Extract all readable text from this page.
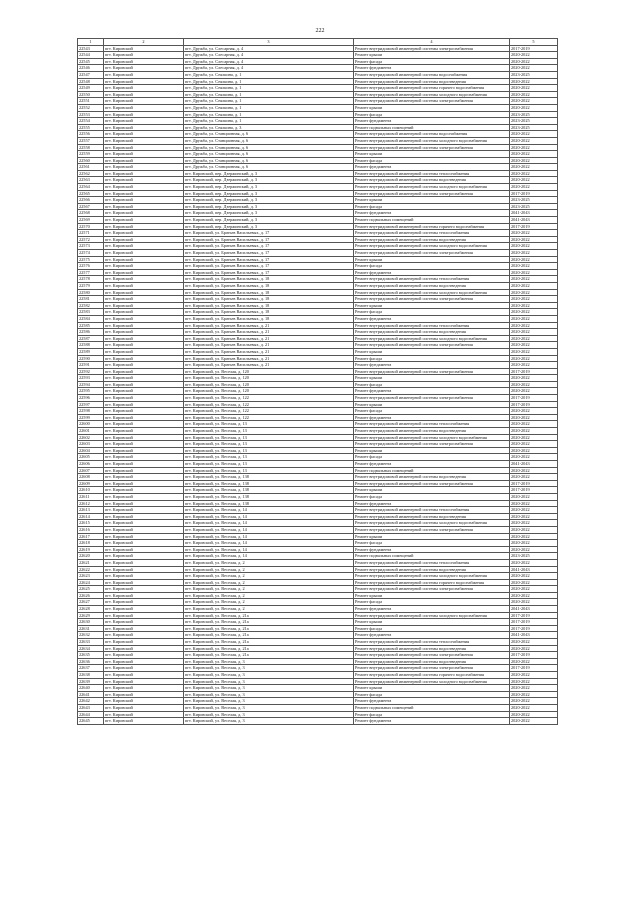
222
1	2	3	4	5
22543	пгт. Кировский	пгт. Дружба, ул. Слесарная, д. 4	Ремонт внутридомовой инженерной системы электроснабжения	2017-2019
22544	пгт. Кировский	пгт. Дружба, ул. Слесарная, д. 4	Ремонт крыши	2020-2022
22545	пгт. Кировский	пгт. Дружба, ул. Слесарная, д. 4	Ремонт фасада	2020-2022
22546	пгт. Кировский	пгт. Дружба, ул. Слесарная, д. 4	Ремонт фундамента	2020-2022
22547	пгт. Кировский	пгт. Дружба, ул. Сеялкина, д. 1	Ремонт внутридомовой инженерной системы водоснабжения	2023-2025
22548	пгт. Кировский	пгт. Дружба, ул. Сеялкина, д. 1	Ремонт внутридомовой инженерной системы водоотведения	2020-2022
22549	пгт. Кировский	пгт. Дружба, ул. Сеялкина, д. 1	Ремонт внутридомовой инженерной системы горячего водоснабжения	2020-2022
22550	пгт. Кировский	пгт. Дружба, ул. Сеялкина, д. 1	Ремонт внутридомовой инженерной системы холодного водоснабжения	2020-2022
22551	пгт. Кировский	пгт. Дружба, ул. Сеялкина, д. 1	Ремонт внутридомовой инженерной системы электроснабжения	2020-2022
22552	пгт. Кировский	пгт. Дружба, ул. Сеялкина, д. 1	Ремонт крыши	2020-2022
22553	пгт. Кировский	пгт. Дружба, ул. Сеялкина, д. 1	Ремонт фасада	2023-2025
22554	пгт. Кировский	пгт. Дружба, ул. Сеялкина, д. 1	Ремонт фундамента	2023-2025
22555	пгт. Кировский	пгт. Дружба, ул. Сеялкина, д. 3	Ремонт подвальных помещений	2023-2025
22556	пгт. Кировский	пгт. Дружба, ул. Станционная, д. 6	Ремонт внутридомовой инженерной системы водоснабжения	2020-2022
22557	пгт. Кировский	пгт. Дружба, ул. Станционная, д. 6	Ремонт внутридомовой инженерной системы холодного водоснабжения	2020-2022
22558	пгт. Кировский	пгт. Дружба, ул. Станционная, д. 6	Ремонт внутридомовой инженерной системы электроснабжения	2020-2022
22559	пгт. Кировский	пгт. Дружба, ул. Станционная, д. 6	Ремонт крыши	2020-2022
22560	пгт. Кировский	пгт. Дружба, ул. Станционная, д. 6	Ремонт фасада	2020-2022
22561	пгт. Кировский	пгт. Дружба, ул. Станционная, д. 6	Ремонт фундамента	2020-2022
22562	пгт. Кировский	пгт. Кировский, пер. Дзержинский, д. 3	Ремонт внутридомовой инженерной системы теплоснабжения	2020-2022
22563	пгт. Кировский	пгт. Кировский, пер. Дзержинский, д. 3	Ремонт внутридомовой инженерной системы водоотведения	2020-2022
22564	пгт. Кировский	пгт. Кировский, пер. Дзержинский, д. 3	Ремонт внутридомовой инженерной системы холодного водоснабжения	2020-2022
22565	пгт. Кировский	пгт. Кировский, пер. Дзержинский, д. 3	Ремонт внутридомовой инженерной системы электроснабжения	2017-2019
22566	пгт. Кировский	пгт. Кировский, пер. Дзержинский, д. 3	Ремонт крыши	2023-2025
22567	пгт. Кировский	пгт. Кировский, пер. Дзержинский, д. 3	Ремонт фасада	2023-2025
22568	пгт. Кировский	пгт. Кировский, пер. Дзержинский, д. 3	Ремонт фундамента	2041-2043
22569	пгт. Кировский	пгт. Кировский, пер. Дзержинский, д. 3	Ремонт подвальных помещений	2041-2043
22570	пгт. Кировский	пгт. Кировский, пер. Дзержинский, д. 3	Ремонт внутридомовой инженерной системы горячего водоснабжения	2017-2019
22571	пгт. Кировский	пгт. Кировский, ул. Братьев Васильевых, д. 17	Ремонт внутридомовой инженерной системы теплоснабжения	2020-2022
22572	пгт. Кировский	пгт. Кировский, ул. Братьев Васильевых, д. 17	Ремонт внутридомовой инженерной системы водоотведения	2020-2022
22573	пгт. Кировский	пгт. Кировский, ул. Братьев Васильевых, д. 17	Ремонт внутридомовой инженерной системы холодного водоснабжения	2020-2022
22574	пгт. Кировский	пгт. Кировский, ул. Братьев Васильевых, д. 17	Ремонт внутридомовой инженерной системы электроснабжения	2020-2022
22575	пгт. Кировский	пгт. Кировский, ул. Братьев Васильевых, д. 17	Ремонт крыши	2020-2022
22576	пгт. Кировский	пгт. Кировский, ул. Братьев Васильевых, д. 17	Ремонт фасада	2020-2022
22577	пгт. Кировский	пгт. Кировский, ул. Братьев Васильевых, д. 17	Ремонт фундамента	2020-2022
22578	пгт. Кировский	пгт. Кировский, ул. Братьев Васильевых, д. 18	Ремонт внутридомовой инженерной системы теплоснабжения	2020-2022
22579	пгт. Кировский	пгт. Кировский, ул. Братьев Васильевых, д. 18	Ремонт внутридомовой инженерной системы водоотведения	2020-2022
22580	пгт. Кировский	пгт. Кировский, ул. Братьев Васильевых, д. 18	Ремонт внутридомовой инженерной системы холодного водоснабжения	2020-2022
22581	пгт. Кировский	пгт. Кировский, ул. Братьев Васильевых, д. 18	Ремонт внутридомовой инженерной системы электроснабжения	2020-2022
22582	пгт. Кировский	пгт. Кировский, ул. Братьев Васильевых, д. 18	Ремонт крыши	2020-2022
22583	пгт. Кировский	пгт. Кировский, ул. Братьев Васильевых, д. 18	Ремонт фасада	2020-2022
22584	пгт. Кировский	пгт. Кировский, ул. Братьев Васильевых, д. 18	Ремонт фундамента	2020-2022
22585	пгт. Кировский	пгт. Кировский, ул. Братьев Васильевых, д. 21	Ремонт внутридомовой инженерной системы теплоснабжения	2020-2022
22586	пгт. Кировский	пгт. Кировский, ул. Братьев Васильевых, д. 21	Ремонт внутридомовой инженерной системы водоотведения	2020-2022
22587	пгт. Кировский	пгт. Кировский, ул. Братьев Васильевых, д. 21	Ремонт внутридомовой инженерной системы холодного водоснабжения	2020-2022
22588	пгт. Кировский	пгт. Кировский, ул. Братьев Васильевых, д. 21	Ремонт внутридомовой инженерной системы электроснабжения	2020-2022
22589	пгт. Кировский	пгт. Кировский, ул. Братьев Васильевых, д. 21	Ремонт крыши	2020-2022
22590	пгт. Кировский	пгт. Кировский, ул. Братьев Васильевых, д. 21	Ремонт фасада	2020-2022
22591	пгт. Кировский	пгт. Кировский, ул. Братьев Васильевых, д. 21	Ремонт фундамента	2020-2022
22592	пгт. Кировский	пгт. Кировский, ул. Веселая, д. 120	Ремонт внутридомовой инженерной системы электроснабжения	2017-2019
22593	пгт. Кировский	пгт. Кировский, ул. Веселая, д. 120	Ремонт крыши	2020-2022
22594	пгт. Кировский	пгт. Кировский, ул. Веселая, д. 120	Ремонт фасада	2020-2022
22595	пгт. Кировский	пгт. Кировский, ул. Веселая, д. 120	Ремонт фундамента	2020-2022
22596	пгт. Кировский	пгт. Кировский, ул. Веселая, д. 122	Ремонт внутридомовой инженерной системы электроснабжения	2017-2019
22597	пгт. Кировский	пгт. Кировский, ул. Веселая, д. 122	Ремонт крыши	2017-2019
22598	пгт. Кировский	пгт. Кировский, ул. Веселая, д. 122	Ремонт фасада	2020-2022
22599	пгт. Кировский	пгт. Кировский, ул. Веселая, д. 122	Ремонт фундамента	2020-2022
22600	пгт. Кировский	пгт. Кировский, ул. Веселая, д. 13	Ремонт внутридомовой инженерной системы теплоснабжения	2020-2022
22601	пгт. Кировский	пгт. Кировский, ул. Веселая, д. 13	Ремонт внутридомовой инженерной системы водоотведения	2020-2022
22602	пгт. Кировский	пгт. Кировский, ул. Веселая, д. 13	Ремонт внутридомовой инженерной системы холодного водоснабжения	2020-2022
22603	пгт. Кировский	пгт. Кировский, ул. Веселая, д. 13	Ремонт внутридомовой инженерной системы электроснабжения	2020-2022
22604	пгт. Кировский	пгт. Кировский, ул. Веселая, д. 13	Ремонт крыши	2020-2022
22605	пгт. Кировский	пгт. Кировский, ул. Веселая, д. 13	Ремонт фасада	2020-2022
22606	пгт. Кировский	пгт. Кировский, ул. Веселая, д. 13	Ремонт фундамента	2041-2043
22607	пгт. Кировский	пгт. Кировский, ул. Веселая, д. 13	Ремонт подвальных помещений	2020-2022
22608	пгт. Кировский	пгт. Кировский, ул. Веселая, д. 138	Ремонт внутридомовой инженерной системы водоотведения	2020-2022
22609	пгт. Кировский	пгт. Кировский, ул. Веселая, д. 138	Ремонт внутридомовой инженерной системы электроснабжения	2017-2019
22610	пгт. Кировский	пгт. Кировский, ул. Веселая, д. 138	Ремонт крыши	2017-2019
22611	пгт. Кировский	пгт. Кировский, ул. Веселая, д. 138	Ремонт фасада	2020-2022
22612	пгт. Кировский	пгт. Кировский, ул. Веселая, д. 138	Ремонт фундамента	2020-2022
22613	пгт. Кировский	пгт. Кировский, ул. Веселая, д. 14	Ремонт внутридомовой инженерной системы теплоснабжения	2020-2022
22614	пгт. Кировский	пгт. Кировский, ул. Веселая, д. 14	Ремонт внутридомовой инженерной системы водоотведения	2020-2022
22615	пгт. Кировский	пгт. Кировский, ул. Веселая, д. 14	Ремонт внутридомовой инженерной системы холодного водоснабжения	2020-2022
22616	пгт. Кировский	пгт. Кировский, ул. Веселая, д. 14	Ремонт внутридомовой инженерной системы электроснабжения	2020-2022
22617	пгт. Кировский	пгт. Кировский, ул. Веселая, д. 14	Ремонт крыши	2020-2022
22618	пгт. Кировский	пгт. Кировский, ул. Веселая, д. 14	Ремонт фасада	2020-2022
22619	пгт. Кировский	пгт. Кировский, ул. Веселая, д. 14	Ремонт фундамента	2020-2022
22620	пгт. Кировский	пгт. Кировский, ул. Веселая, д. 14	Ремонт подвальных помещений	2023-2025
22621	пгт. Кировский	пгт. Кировский, ул. Веселая, д. 2	Ремонт внутридомовой инженерной системы теплоснабжения	2020-2022
22622	пгт. Кировский	пгт. Кировский, ул. Веселая, д. 2	Ремонт внутридомовой инженерной системы водоотведения	2041-2043
22623	пгт. Кировский	пгт. Кировский, ул. Веселая, д. 2	Ремонт внутридомовой инженерной системы холодного водоснабжения	2020-2022
22624	пгт. Кировский	пгт. Кировский, ул. Веселая, д. 2	Ремонт внутридомовой инженерной системы горячего водоснабжения	2020-2022
22625	пгт. Кировский	пгт. Кировский, ул. Веселая, д. 2	Ремонт внутридомовой инженерной системы электроснабжения	2020-2022
22626	пгт. Кировский	пгт. Кировский, ул. Веселая, д. 2	Ремонт крыши	2020-2022
22627	пгт. Кировский	пгт. Кировский, ул. Веселая, д. 2	Ремонт фасада	2020-2022
22628	пгт. Кировский	пгт. Кировский, ул. Веселая, д. 2	Ремонт фундамента	2041-2043
22629	пгт. Кировский	пгт. Кировский, ул. Веселая, д. 21а	Ремонт внутридомовой инженерной системы холодного водоснабжения	2017-2019
22630	пгт. Кировский	пгт. Кировский, ул. Веселая, д. 21а	Ремонт крыши	2017-2019
22631	пгт. Кировский	пгт. Кировский, ул. Веселая, д. 21а	Ремонт фасада	2017-2019
22632	пгт. Кировский	пгт. Кировский, ул. Веселая, д. 21а	Ремонт фундамента	2041-2043
22633	пгт. Кировский	пгт. Кировский, ул. Веселая, д. 21а	Ремонт внутридомовой инженерной системы теплоснабжения	2020-2022
22634	пгт. Кировский	пгт. Кировский, ул. Веселая, д. 21а	Ремонт внутридомовой инженерной системы водоотведения	2020-2022
22635	пгт. Кировский	пгт. Кировский, ул. Веселая, д. 21а	Ремонт внутридомовой инженерной системы электроснабжения	2017-2019
22636	пгт. Кировский	пгт. Кировский, ул. Веселая, д. 3	Ремонт внутридомовой инженерной системы водоотведения	2020-2022
22637	пгт. Кировский	пгт. Кировский, ул. Веселая, д. 3	Ремонт внутридомовой инженерной системы электроснабжения	2017-2019
22638	пгт. Кировский	пгт. Кировский, ул. Веселая, д. 3	Ремонт внутридомовой инженерной системы горячего водоснабжения	2020-2022
22639	пгт. Кировский	пгт. Кировский, ул. Веселая, д. 3	Ремонт внутридомовой инженерной системы холодного водоснабжения	2020-2022
22640	пгт. Кировский	пгт. Кировский, ул. Веселая, д. 3	Ремонт крыши	2020-2022
22641	пгт. Кировский	пгт. Кировский, ул. Веселая, д. 3	Ремонт фасада	2020-2022
22642	пгт. Кировский	пгт. Кировский, ул. Веселая, д. 3	Ремонт фундамента	2020-2022
22643	пгт. Кировский	пгт. Кировский, ул. Веселая, д. 3	Ремонт подвальных помещений	2020-2022
22644	пгт. Кировский	пгт. Кировский, ул. Веселая, д. 3	Ремонт фасада	2020-2022
22645	пгт. Кировский	пгт. Кировский, ул. Веселая, д. 3	Ремонт фундамента	2020-2022
